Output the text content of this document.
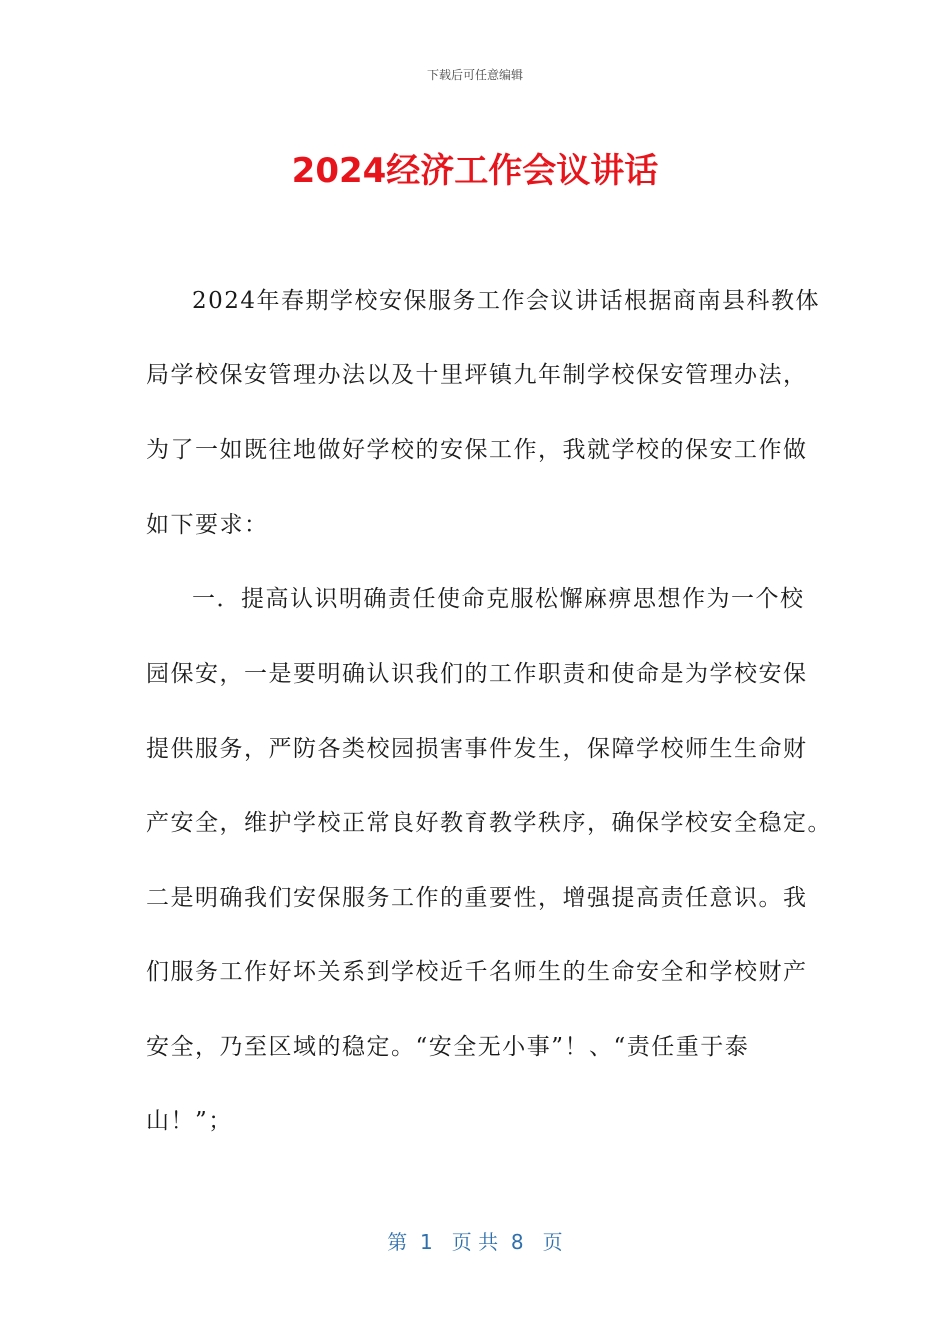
下载后可任意编辑
2024经济工作会议讲话
2024年春期学校安保服务工作会议讲话根据商南县科教体
局学校保安管理办法以及十里坪镇九年制学校保安管理办法，
为了一如既往地做好学校的安保工作，我就学校的保安工作做
如下要求：
一．提高认识明确责任使命克服松懈麻痹思想作为一个校
园保安，一是要明确认识我们的工作职责和使命是为学校安保
提供服务，严防各类校园损害事件发生，保障学校师生生命财
产安全，维护学校正常良好教育教学秩序，确保学校安全稳定。
二是明确我们安保服务工作的重要性，增强提高责任意识。我
们服务工作好坏关系到学校近千名师生的生命安全和学校财产
安全，乃至区域的稳定。“安全无小事”！、“责任重于泰
山！”；
第  1   页 共  8   页
